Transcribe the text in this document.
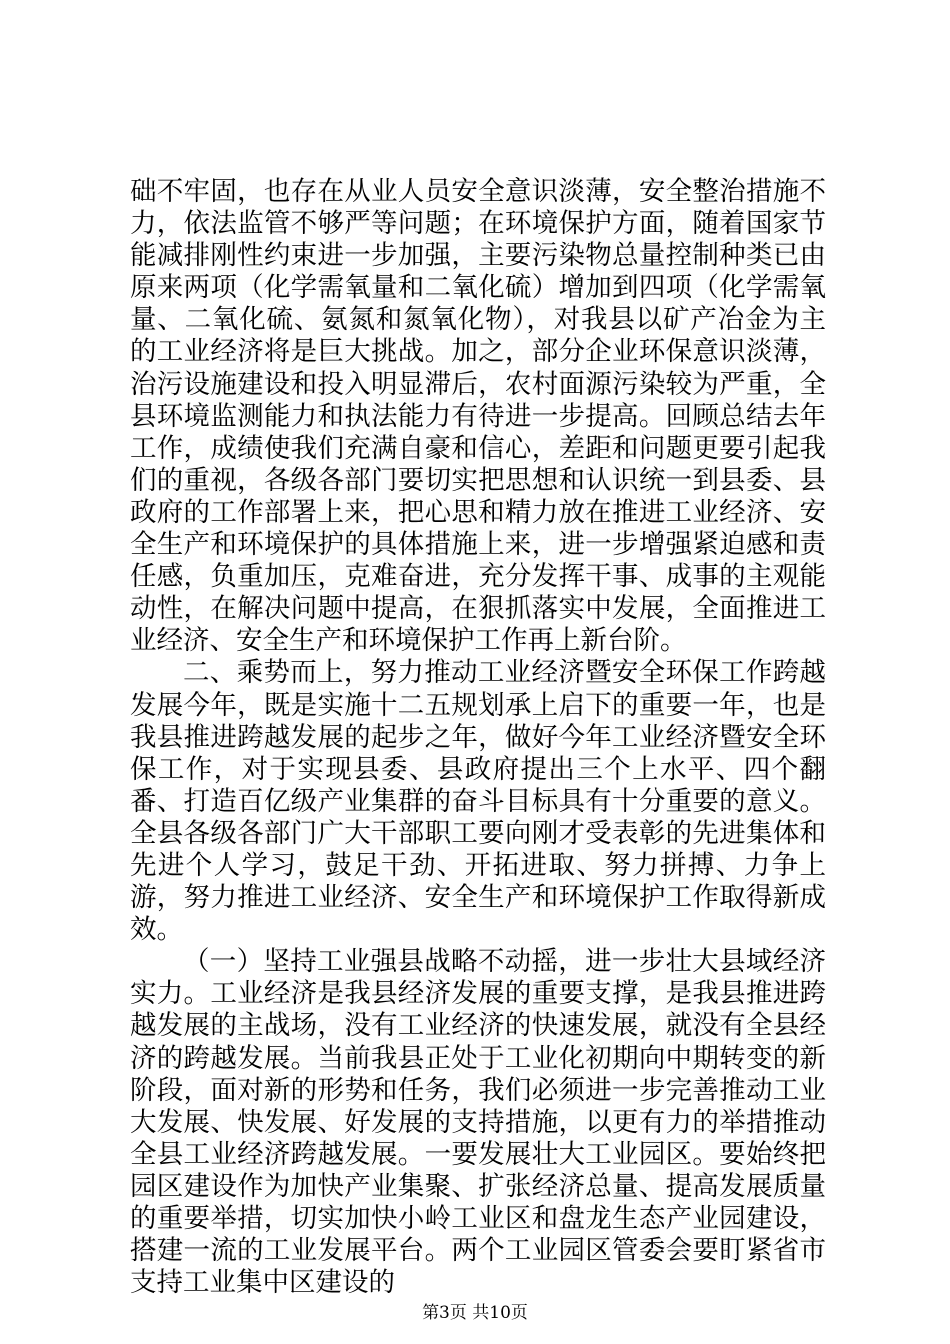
础不牢固，也存在从业人员安全意识淡薄，安全整治措施不力，依法监管不够严等问题；在环境保护方面，随着国家节能减排刚性约束进一步加强，主要污染物总量控制种类已由原来两项（化学需氧量和二氧化硫）增加到四项（化学需氧量、二氧化硫、氨氮和氮氧化物），对我县以矿产冶金为主的工业经济将是巨大挑战。加之，部分企业环保意识淡薄，治污设施建设和投入明显滞后，农村面源污染较为严重，全县环境监测能力和执法能力有待进一步提高。回顾总结去年工作，成绩使我们充满自豪和信心，差距和问题更要引起我们的重视，各级各部门要切实把思想和认识统一到县委、县政府的工作部署上来，把心思和精力放在推进工业经济、安全生产和环境保护的具体措施上来，进一步增强紧迫感和责任感，负重加压，克难奋进，充分发挥干事、成事的主观能动性，在解决问题中提高，在狠抓落实中发展，全面推进工业经济、安全生产和环境保护工作再上新台阶。

二、乘势而上，努力推动工业经济暨安全环保工作跨越发展今年，既是实施十二五规划承上启下的重要一年，也是我县推进跨越发展的起步之年，做好今年工业经济暨安全环保工作，对于实现县委、县政府提出三个上水平、四个翻番、打造百亿级产业集群的奋斗目标具有十分重要的意义。全县各级各部门广大干部职工要向刚才受表彰的先进集体和先进个人学习，鼓足干劲、开拓进取、努力拼搏、力争上游，努力推进工业经济、安全生产和环境保护工作取得新成效。

（一）坚持工业强县战略不动摇，进一步壮大县域经济实力。工业经济是我县经济发展的重要支撑，是我县推进跨越发展的主战场，没有工业经济的快速发展，就没有全县经济的跨越发展。当前我县正处于工业化初期向中期转变的新阶段，面对新的形势和任务，我们必须进一步完善推动工业大发展、快发展、好发展的支持措施，以更有力的举措推动全县工业经济跨越发展。一要发展壮大工业园区。要始终把园区建设作为加快产业集聚、扩张经济总量、提高发展质量的重要举措，切实加快小岭工业区和盘龙生态产业园建设，搭建一流的工业发展平台。两个工业园区管委会要盯紧省市支持工业集中区建设的

第3页 共10页
